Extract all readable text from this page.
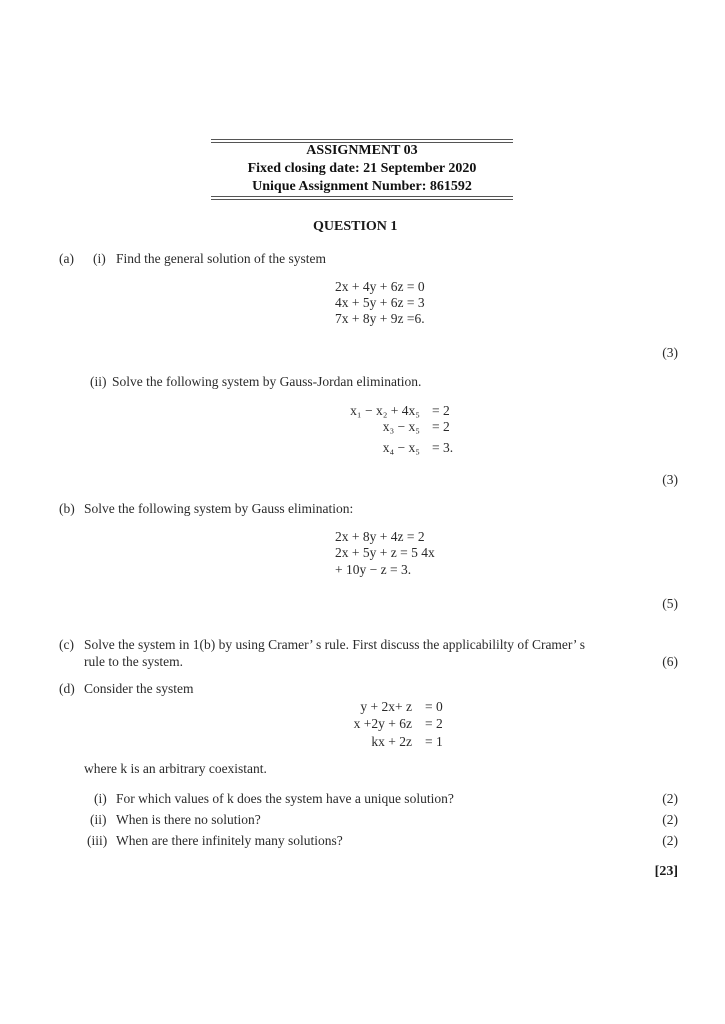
ASSIGNMENT 03
Fixed closing date: 21 September 2020
Unique Assignment Number: 861592
QUESTION 1
(a) (i) Find the general solution of the system
2x + 4y + 6z = 0
4x + 5y + 6z = 3
7x + 8y + 9z =6.
(3)
(ii) Solve the following system by Gauss-Jordan elimination.
x₁ − x₂ + 4x₅ = 2
x₃ − x₅ = 2
x₄ − x₅ = 3.
(3)
(b) Solve the following system by Gauss elimination:
2x + 8y + 4z = 2
2x + 5y + z = 5 4x
+ 10y − z = 3.
(5)
(c) Solve the system in 1(b) by using Cramer’ s rule. First discuss the applicabililty of Cramer’ s
rule to the system.	(6)
(d) Consider the system
y + 2x+ z = 0
x +2y + 6z = 2
kx + 2z = 1
where k is an arbitrary coexistant.
(i) For which values of k does the system have a unique solution?	(2)
(ii) When is there no solution?	(2)
(iii) When are there infinitely many solutions?	(2)
[23]
